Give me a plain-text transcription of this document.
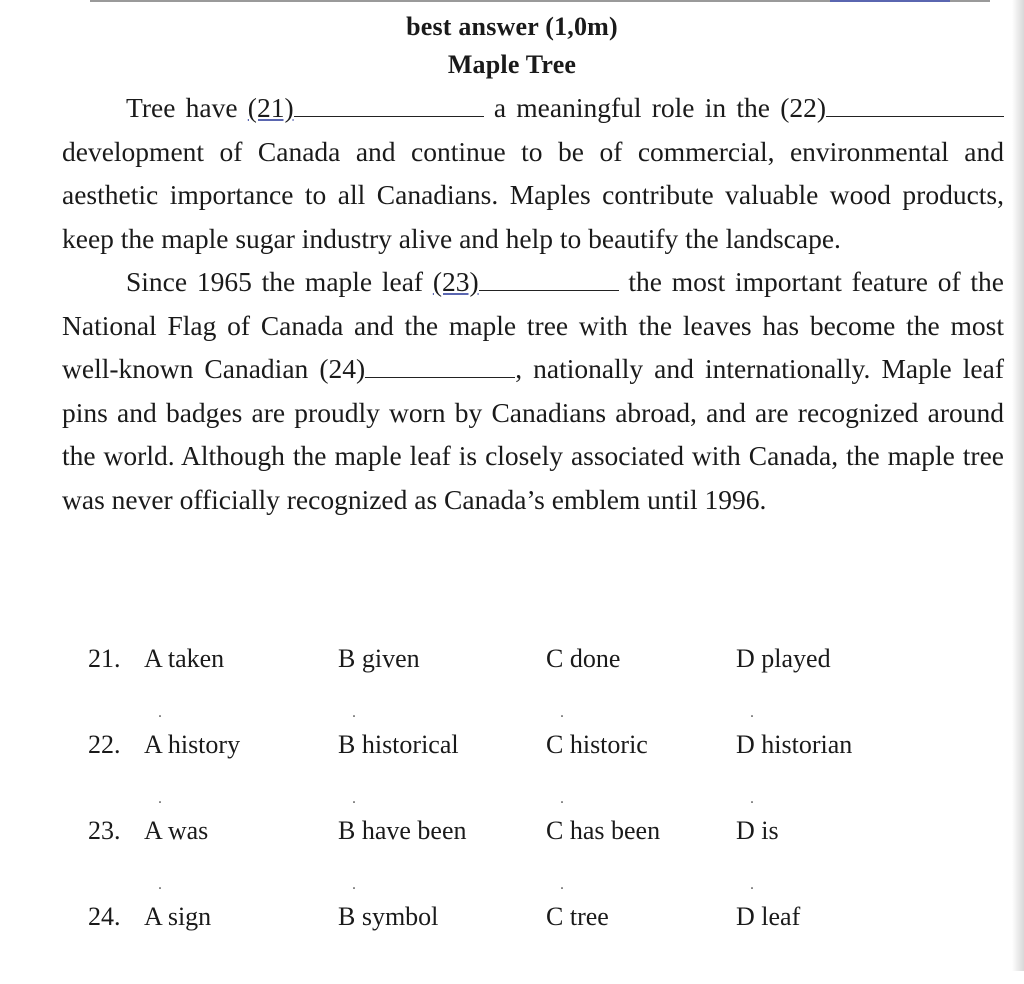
best answer (1,0m)
Maple Tree

Tree have (21)	a meaningful role in the (22) development of Canada and continue to be of commercial, environmental and aesthetic importance to all Canadians. Maples contribute valuable wood products, keep the maple sugar industry alive and help to beautify the landscape.

Since 1965 the maple leaf (23)	the most important feature of the National Flag of Canada and the maple tree with the leaves has become the most well-known Canadian (24)	, nationally and internationally. Maple leaf pins and badges are proudly worn by Canadians abroad, and are recognized around the world. Although the maple leaf is closely associated with Canada, the maple tree was never officially recognized as Canada’s emblem until 1996.

21. A taken	B given	C done	D played
.	.	.	.
22. A history	B historical	C historic	D historian
.	.	.	.
23. A was	B have been	C has been	D is
.	.	.	.
24. A sign	B symbol	C tree	D leaf
